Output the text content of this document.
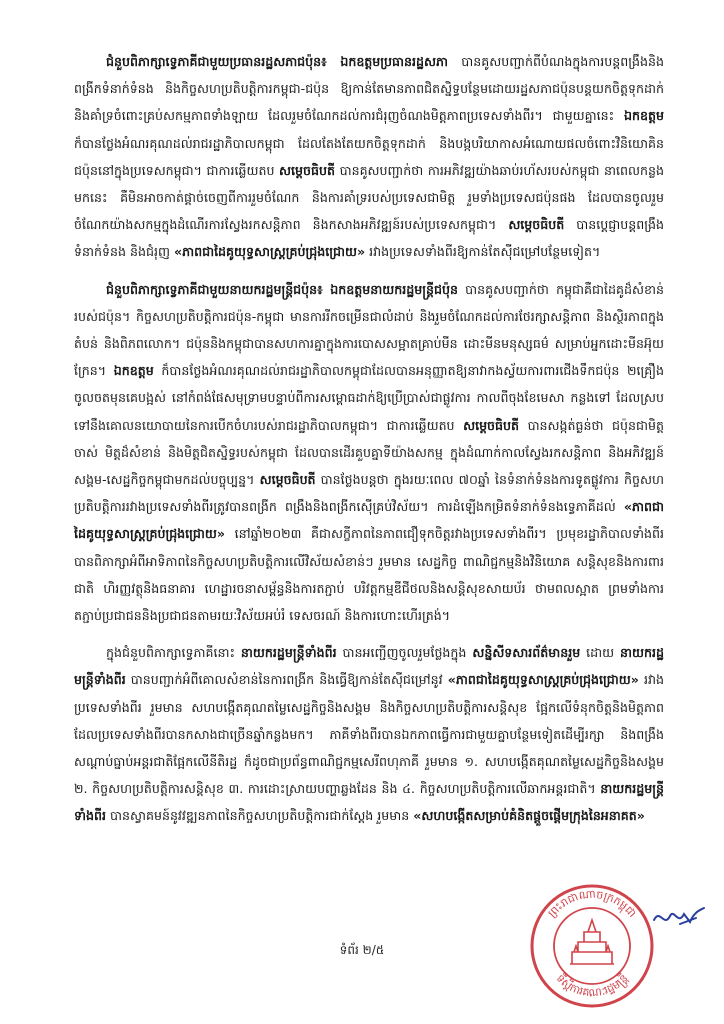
ជំនួបពិភាក្សាទ្វេភាគីជាមួយប្រធានរដ្ឋសភាជប៉ុន៖ ឯកឧត្តមប្រធានរដ្ឋសភា បានគូសបញ្ជាក់ពីបំណងក្នុងការបន្តពង្រឹងនិងពង្រីកទំនាក់ទំនង និងកិច្ចសហប្រតិបត្តិការកម្ពុជា-ជប៉ុន ឱ្យកាន់តែមានភាពជិតស្និទ្ធបន្ថែមដោយរដ្ឋសភាជប៉ុនបន្តយកចិត្តទុកដាក់ និងគាំទ្រចំពោះគ្រប់សកម្មភាពទាំងឡាយ ដែលរួមចំណែកដល់ការជំរុញចំណងមិត្តភាពប្រទេសទាំងពីរ។ ជាមួយគ្នានេះ ឯកឧត្តម ក៏បានថ្លែងអំណរគុណដល់រាជរដ្ឋាភិបាលកម្ពុជា ដែលតែងតែយកចិត្តទុកដាក់ និងបង្កបរិយាកាសអំណោយផលចំពោះវិនិយោគិនជប៉ុននៅក្នុងប្រទេសកម្ពុជា។ ជាការឆ្លើយតប សម្តេចធិបតី បានគូសបញ្ជាក់ថា ការអភិវឌ្ឍយ៉ាងឆាប់រហ័សរបស់កម្ពុជា នាពេលកន្លងមកនេះ គឺមិនអាចកាត់ផ្តាច់ចេញពីការរួមចំណែក និងការគាំទ្ររបស់ប្រទេសជាមិត្ត រួមទាំងប្រទេសជប៉ុនផង ដែលបានចូលរួមចំណែកយ៉ាងសកម្មក្នុងដំណើរការស្វែងរកសន្តិភាព និងកសាងអភិវឌ្ឍន៍របស់ប្រទេសកម្ពុជា។ សម្តេចធិបតី បានប្តេជ្ញាបន្តពង្រឹងទំនាក់ទំនង និងជំរុញ «ភាពជាដៃគូយុទ្ធសាស្ត្រគ្រប់ជ្រុងជ្រោយ» រវាងប្រទេសទាំងពីរឱ្យកាន់តែស៊ីជម្រៅបន្ថែមទៀត។

ជំនួបពិភាក្សាទ្វេភាគីជាមួយនាយករដ្ឋមន្ត្រីជប៉ុន៖ ឯកឧត្តមនាយករដ្ឋមន្ត្រីជប៉ុន បានគូសបញ្ជាក់ថា កម្ពុជាគឺជាដៃគូដ៏សំខាន់របស់ជប៉ុន។ កិច្ចសហប្រតិបត្តិការជប៉ុន-កម្ពុជា មានការរីកចម្រើនជាលំដាប់ និងរួមចំណែកដល់ការថែរក្សាសន្តិភាព និងស្ថិរភាពក្នុងតំបន់ និងពិភពលោក។ ជប៉ុននិងកម្ពុជាបានសហការគ្នាក្នុងការបោសសម្អាតគ្រាប់មីន ដោះមីនមនុស្សធម៌ សម្រាប់អ្នកដោះមីនអ៊ុយក្រែន។ ឯកឧត្តម ក៏បានថ្លែងអំណរគុណដល់រាជរដ្ឋាភិបាលកម្ពុជាដែលបានអនុញ្ញាតឱ្យនាវាកងស្វ័យការពារជើងទឹកជប៉ុន ២គ្រឿង ចូលចតមុនគេបង្អស់ នៅកំពង់ផែសមុទ្រាមបន្ទាប់ពីការសម្ពោធដាក់ឱ្យប្រើប្រាស់ជាផ្លូវការ កាលពីចុងខែមេសា កន្លងទៅ ដែលស្របទៅនឹងគោលនយោបាយនៃការបើកចំហរបស់រាជរដ្ឋាភិបាលកម្ពុជា។ ជាការឆ្លើយតប សម្តេចធិបតី បានសង្កត់ធ្ងន់ថា ជប៉ុនជាមិត្តចាស់ មិត្តដ៏សំខាន់ និងមិត្តជិតស្និទ្ធរបស់កម្ពុជា ដែលបានដើរគួបគ្នាទីយ៉ាងសកម្ម ក្នុងដំណាក់កាលស្វែងរកសន្តិភាព និងអភិវឌ្ឍន៍សង្គម-សេដ្ឋកិច្ចកម្ពុជាមកដល់បច្ចុប្បន្ន។ សម្តេចធិបតី បានថ្លែងបន្តថា ក្នុងរយៈពេល ៧០ឆ្នាំ នៃទំនាក់ទំនងការទូតផ្លូវការ កិច្ចសហប្រតិបត្តិការរវាងប្រទេសទាំងពីរត្រូវបានពង្រីក ពង្រឹងនិងពង្រីកស៊ើគ្រប់វិស័យ។ ការដំឡើងកម្រិតទំនាក់ទំនងទ្វេភាគីដល់ «ភាពជាដៃគូយុទ្ធសាស្ត្រគ្រប់ជ្រុងជ្រោយ» នៅឆ្នាំ២០២៣ គឺជាសក្ខីភាពនៃភាពជឿទុកចិត្តរវាងប្រទេសទាំងពីរ។ ប្រមុខរដ្ឋាភិបាលទាំងពីរបានពិភាក្សាអំពីអាទិភាពនៃកិច្ចសហប្រតិបត្តិការលើវិស័យសំខាន់ៗ រួមមាន សេដ្ឋកិច្ច ពាណិជ្ជកម្មនិងវិនិយោគ សន្តិសុខនិងការពារជាតិ ហិរញ្ញវត្ថុនិងធនាគារ ហេដ្ឋារចនាសម្ព័ន្ធនិងការតភ្ជាប់ បរិវត្តកម្មឌីជីថលនិងសន្តិសុខសាយប័រ ថាមពលស្អាត ព្រមទាំងការតភ្ជាប់ប្រជាជននិងប្រជាជនតាមរយៈវិស័យអប់រំ ទេសចរណ៍ និងការហោះហើរត្រង់។

ក្នុងជំនួបពិភាក្សាទ្វេភាគីនោះ នាយករដ្ឋមន្ត្រីទាំងពីរ បានអញ្ជើញចូលរួមថ្លែងក្នុង សន្និសីទសារព័ត៌មានរួម ដោយ នាយករដ្ឋមន្ត្រីទាំងពីរ បានបញ្ជាក់អំពីគោលសំខាន់នៃការពង្រីក និងធ្វើឱ្យកាន់តែស៊ីជម្រៅនូវ «ភាពជាដៃគូយុទ្ធសាស្ត្រគ្រប់ជ្រុងជ្រោយ» រវាងប្រទេសទាំងពីរ រួមមាន សហបង្កើតគុណតម្លៃសេដ្ឋកិច្ចនិងសង្គម និងកិច្ចសហប្រតិបត្តិការសន្តិសុខ ផ្អែកលើទំនុកចិត្តនិងមិត្តភាពដែលប្រទេសទាំងពីរបានកសាងជាច្រើនឆ្នាំកន្លងមក។ ភាគីទាំងពីរបានឯកភាពធ្វើការជាមួយគ្នាបន្ថែមទៀតដើម្បីរក្សា និងពង្រឹងសណ្តាប់ធ្នាប់អន្តរជាតិផ្អែកលើនីតិរដ្ឋ ក៏ដូចជាប្រព័ន្ធពាណិជ្ជកម្មសេរីពហុភាគី រួមមាន ១. សហបង្កើតគុណតម្លៃសេដ្ឋកិច្ចនិងសង្គម ២. កិច្ចសហប្រតិបត្តិការសន្តិសុខ ៣. ការដោះស្រាយបញ្ហាឆ្លងដែន និង ៤. កិច្ចសហប្រតិបត្តិការលើឆាកអន្តរជាតិ។ នាយករដ្ឋមន្ត្រីទាំងពីរ បានស្វាគមន៍នូវវឌ្ឍនភាពនៃកិច្ចសហប្រតិបត្តិការជាក់ស្តែង រួមមាន «សហបង្កើតសម្រាប់គំនិតផ្តួចផ្តើមក្រុងនៃអនាគត»

ទំព័រ ២/៥
ព្រះរាជាណាចក្រកម្ពុជា
ទីស្តីការគណៈរដ្ឋមន្ត្រី
